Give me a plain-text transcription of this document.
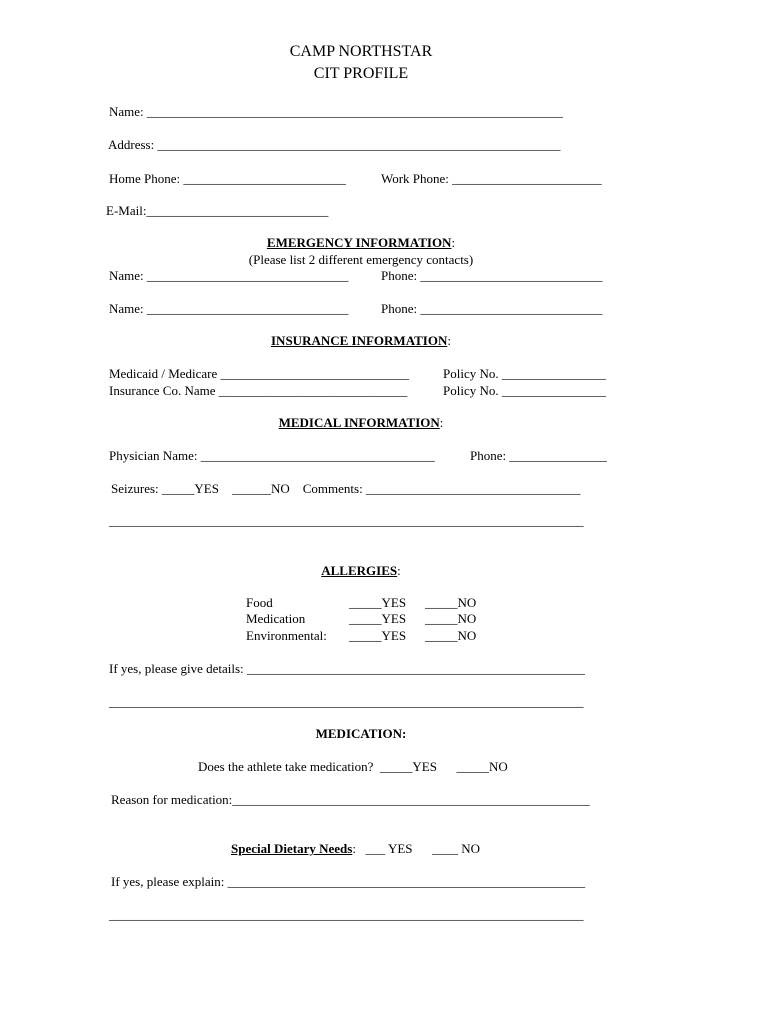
CAMP NORTHSTAR
CIT PROFILE
Name: ________________________________________________________________
Address: ______________________________________________________________
Home Phone: _________________________	Work Phone: _______________________
E-Mail:____________________________
EMERGENCY INFORMATION:
(Please list 2 different emergency contacts)
Name: _______________________________	Phone: ____________________________
Name: _______________________________	Phone: ____________________________
INSURANCE INFORMATION:
Medicaid / Medicare _____________________________	Policy No. ________________
Insurance Co. Name _____________________________	Policy No. ________________
MEDICAL INFORMATION:
Physician Name: ____________________________________	Phone: _______________
Seizures: _____YES    ______NO    Comments: _________________________________
_________________________________________________________________________
ALLERGIES:
Food	_____YES _____NO
Medication	_____YES _____NO
Environmental: _____YES _____NO
If yes, please give details: ____________________________________________________
_________________________________________________________________________
MEDICATION:
Does the athlete take medication?  _____YES      _____NO
Reason for medication:_______________________________________________________
Special Dietary Needs:   ___ YES      ____ NO
If yes, please explain: _______________________________________________________
_________________________________________________________________________
